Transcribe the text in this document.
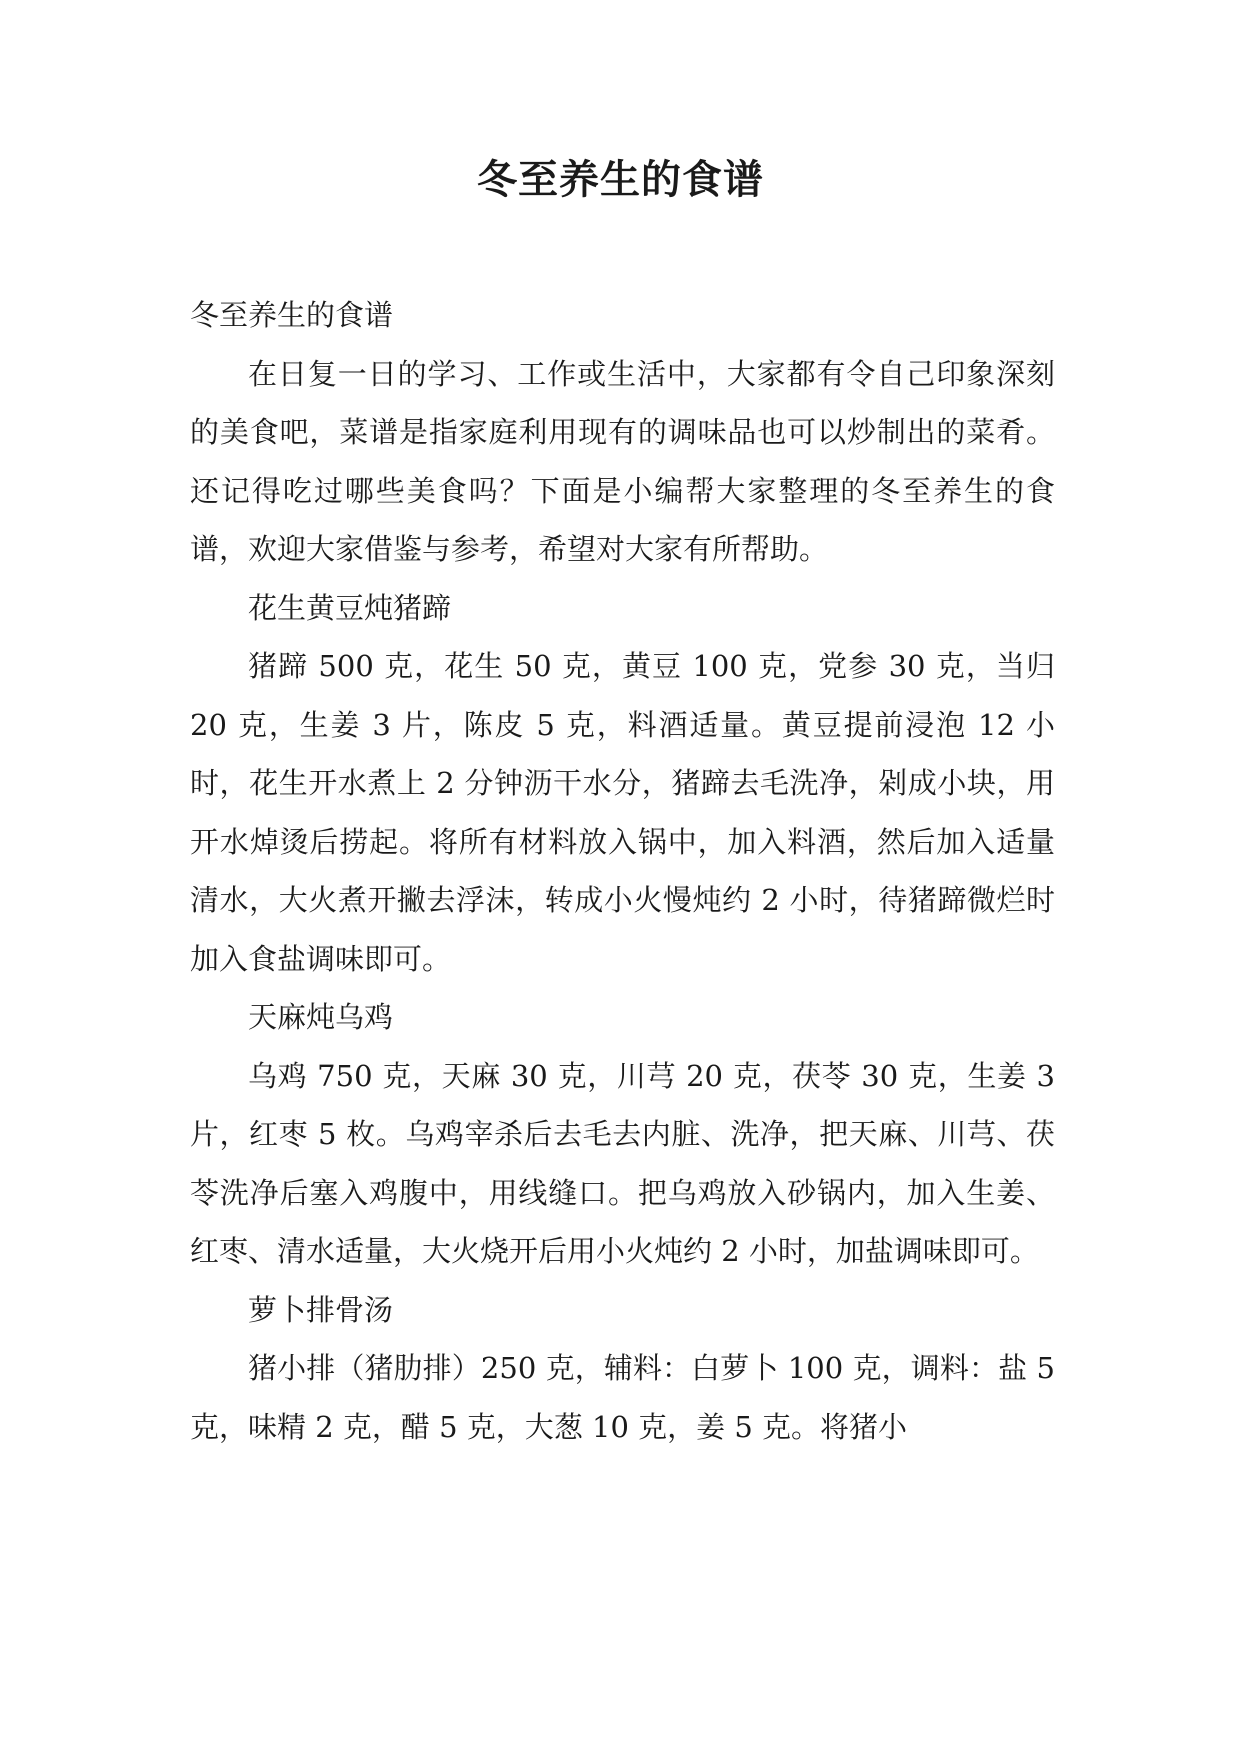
冬至养生的食谱

冬至养生的食谱

在日复一日的学习、工作或生活中，大家都有令自己印象深刻的美食吧，菜谱是指家庭利用现有的调味品也可以炒制出的菜肴。还记得吃过哪些美食吗？下面是小编帮大家整理的冬至养生的食谱，欢迎大家借鉴与参考，希望对大家有所帮助。

花生黄豆炖猪蹄

猪蹄 500 克，花生 50 克，黄豆 100 克，党参 30 克，当归 20 克，生姜 3 片，陈皮 5 克，料酒适量。黄豆提前浸泡 12 小时，花生开水煮上 2 分钟沥干水分，猪蹄去毛洗净，剁成小块，用开水焯烫后捞起。将所有材料放入锅中，加入料酒，然后加入适量清水，大火煮开撇去浮沫，转成小火慢炖约 2 小时，待猪蹄微烂时加入食盐调味即可。

天麻炖乌鸡

乌鸡 750 克，天麻 30 克，川芎 20 克，茯苓 30 克，生姜 3 片，红枣 5 枚。乌鸡宰杀后去毛去内脏、洗净，把天麻、川芎、茯苓洗净后塞入鸡腹中，用线缝口。把乌鸡放入砂锅内，加入生姜、红枣、清水适量，大火烧开后用小火炖约 2 小时，加盐调味即可。

萝卜排骨汤

猪小排（猪肋排）250 克，辅料：白萝卜 100 克，调料：盐 5 克，味精 2 克，醋 5 克，大葱 10 克，姜 5 克。将猪小
